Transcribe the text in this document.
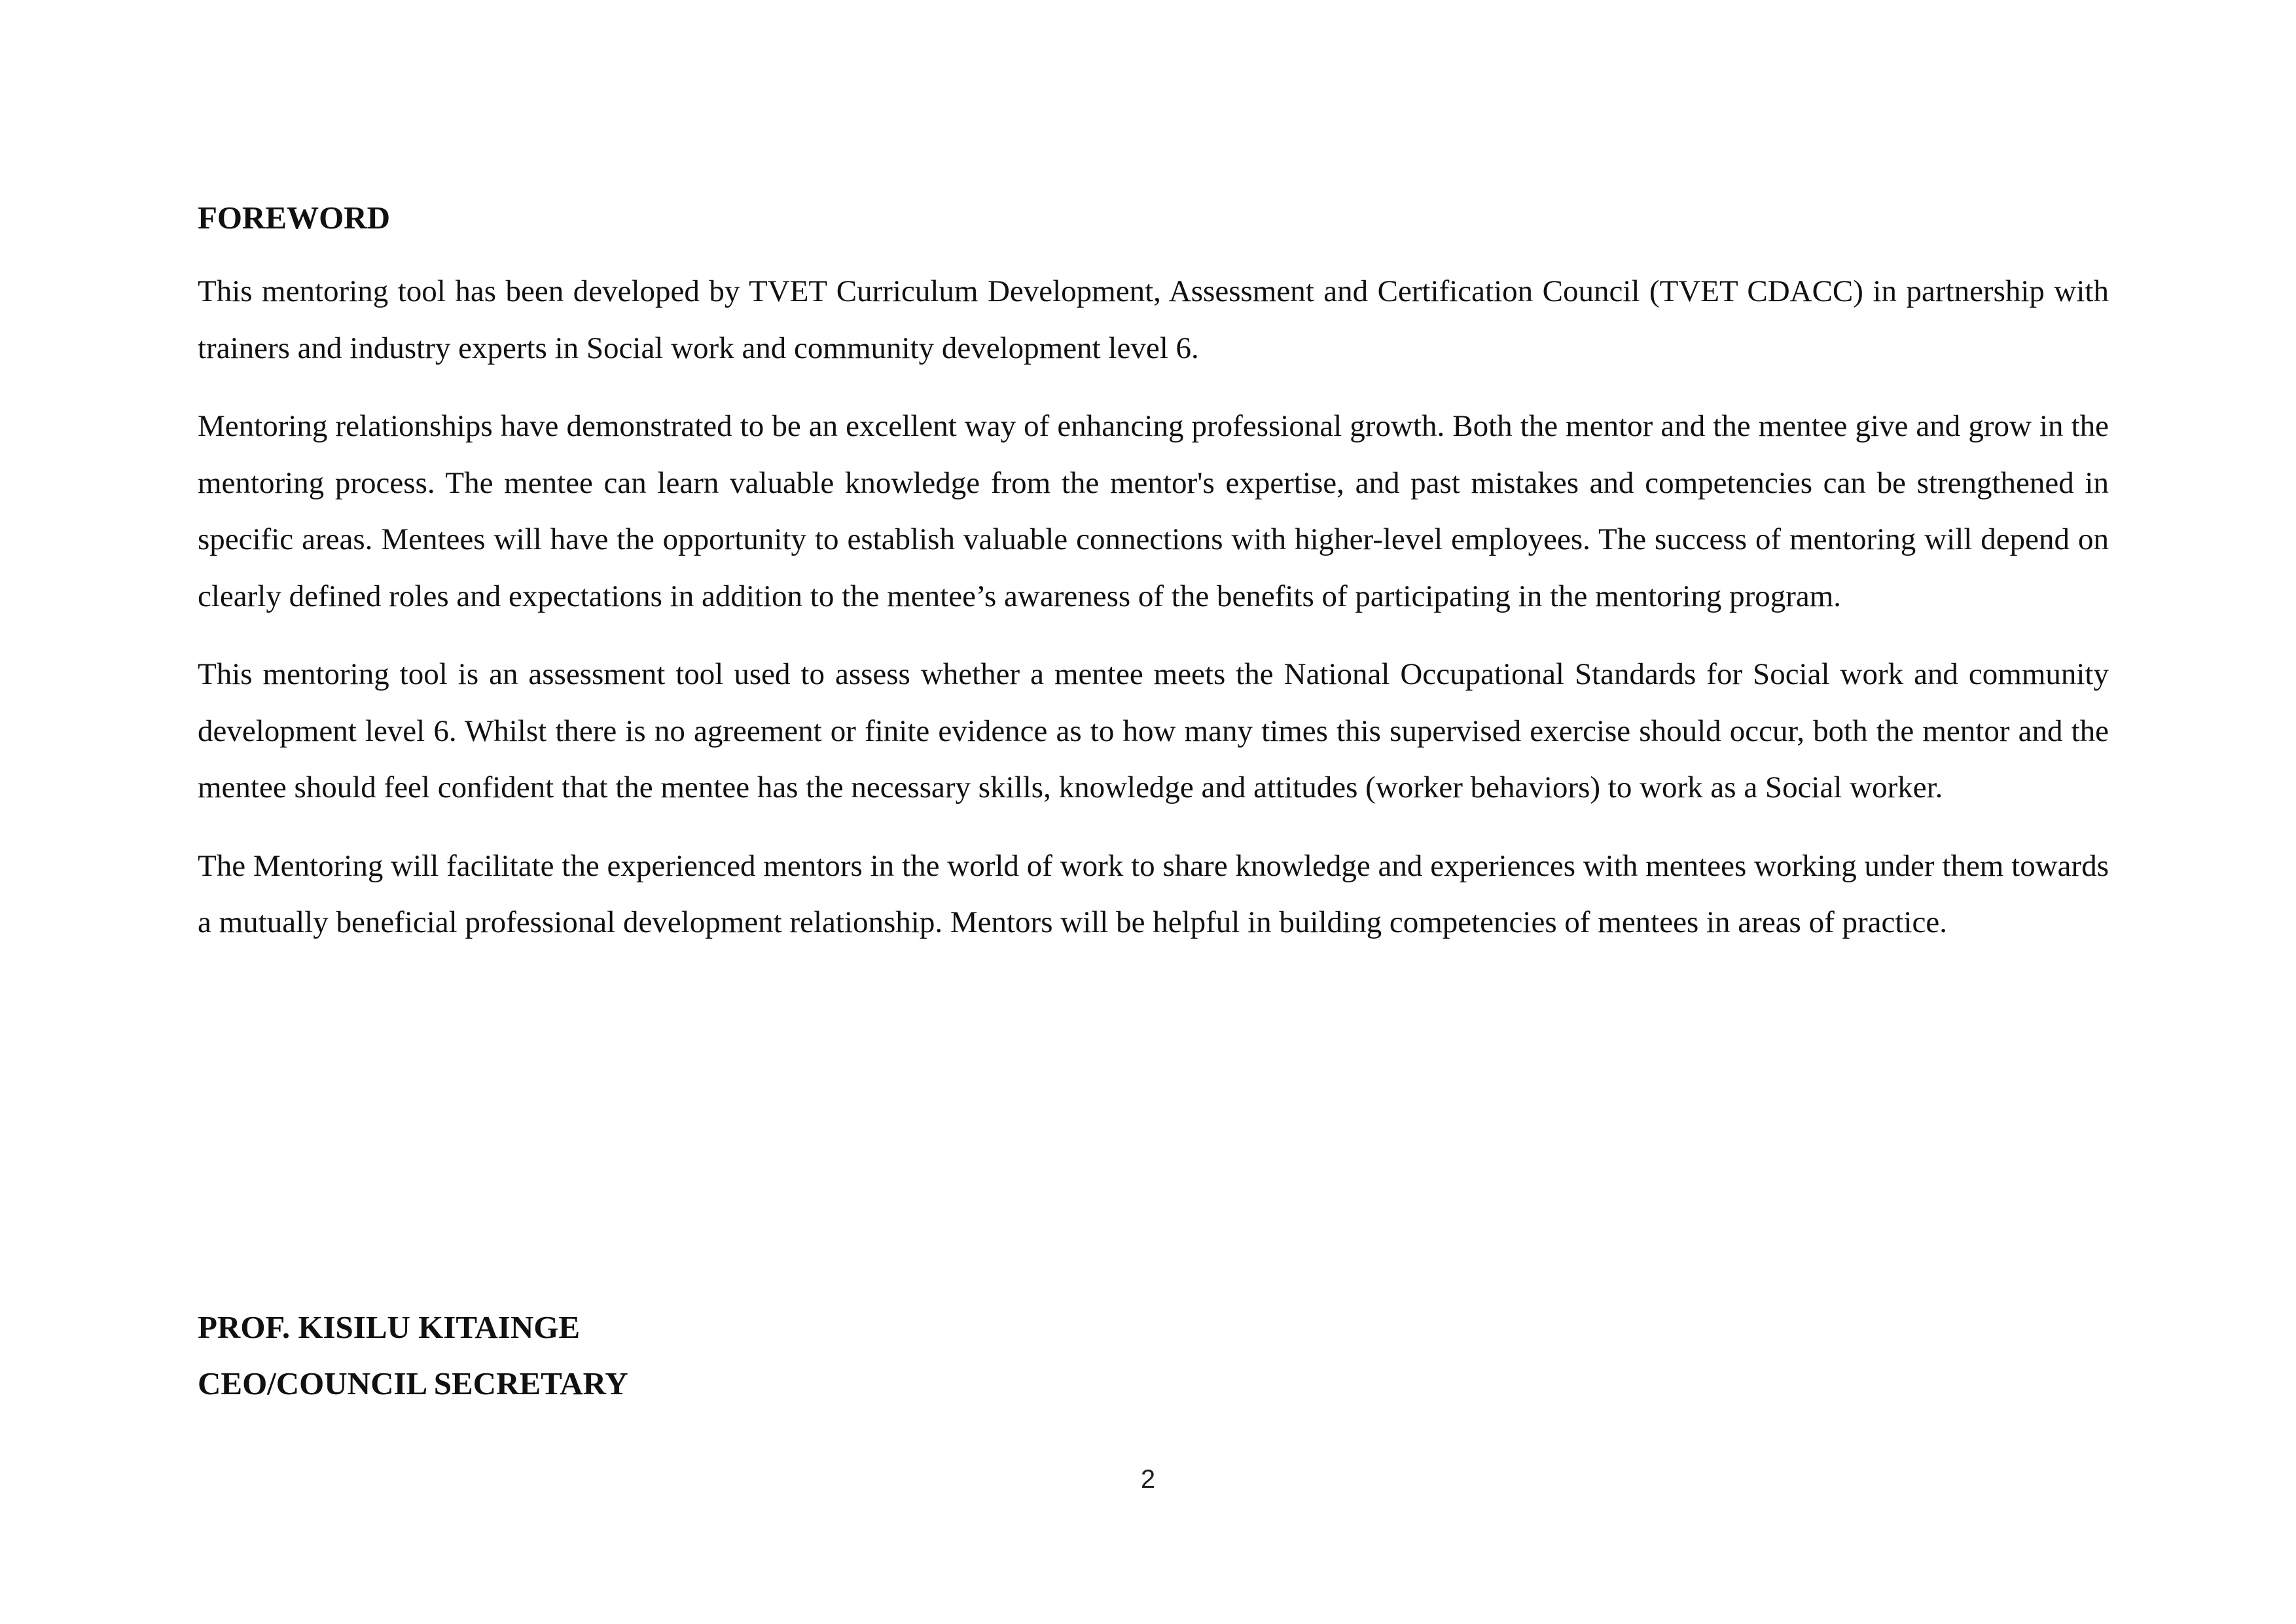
FOREWORD

This mentoring tool has been developed by TVET Curriculum Development, Assessment and Certification Council (TVET CDACC) in partnership with trainers and industry experts in Social work and community development level 6.

Mentoring relationships have demonstrated to be an excellent way of enhancing professional growth. Both the mentor and the mentee give and grow in the mentoring process. The mentee can learn valuable knowledge from the mentor's expertise, and past mistakes and competencies can be strengthened in specific areas. Mentees will have the opportunity to establish valuable connections with higher-level employees. The success of mentoring will depend on clearly defined roles and expectations in addition to the mentee’s awareness of the benefits of participating in the mentoring program.

This mentoring tool is an assessment tool used to assess whether a mentee meets the National Occupational Standards for Social work and community development level 6. Whilst there is no agreement or finite evidence as to how many times this supervised exercise should occur, both the mentor and the mentee should feel confident that the mentee has the necessary skills, knowledge and attitudes (worker behaviors) to work as a Social worker.

The Mentoring will facilitate the experienced mentors in the world of work to share knowledge and experiences with mentees working under them towards a mutually beneficial professional development relationship. Mentors will be helpful in building competencies of mentees in areas of practice.

PROF. KISILU KITAINGE

CEO/COUNCIL SECRETARY

2
